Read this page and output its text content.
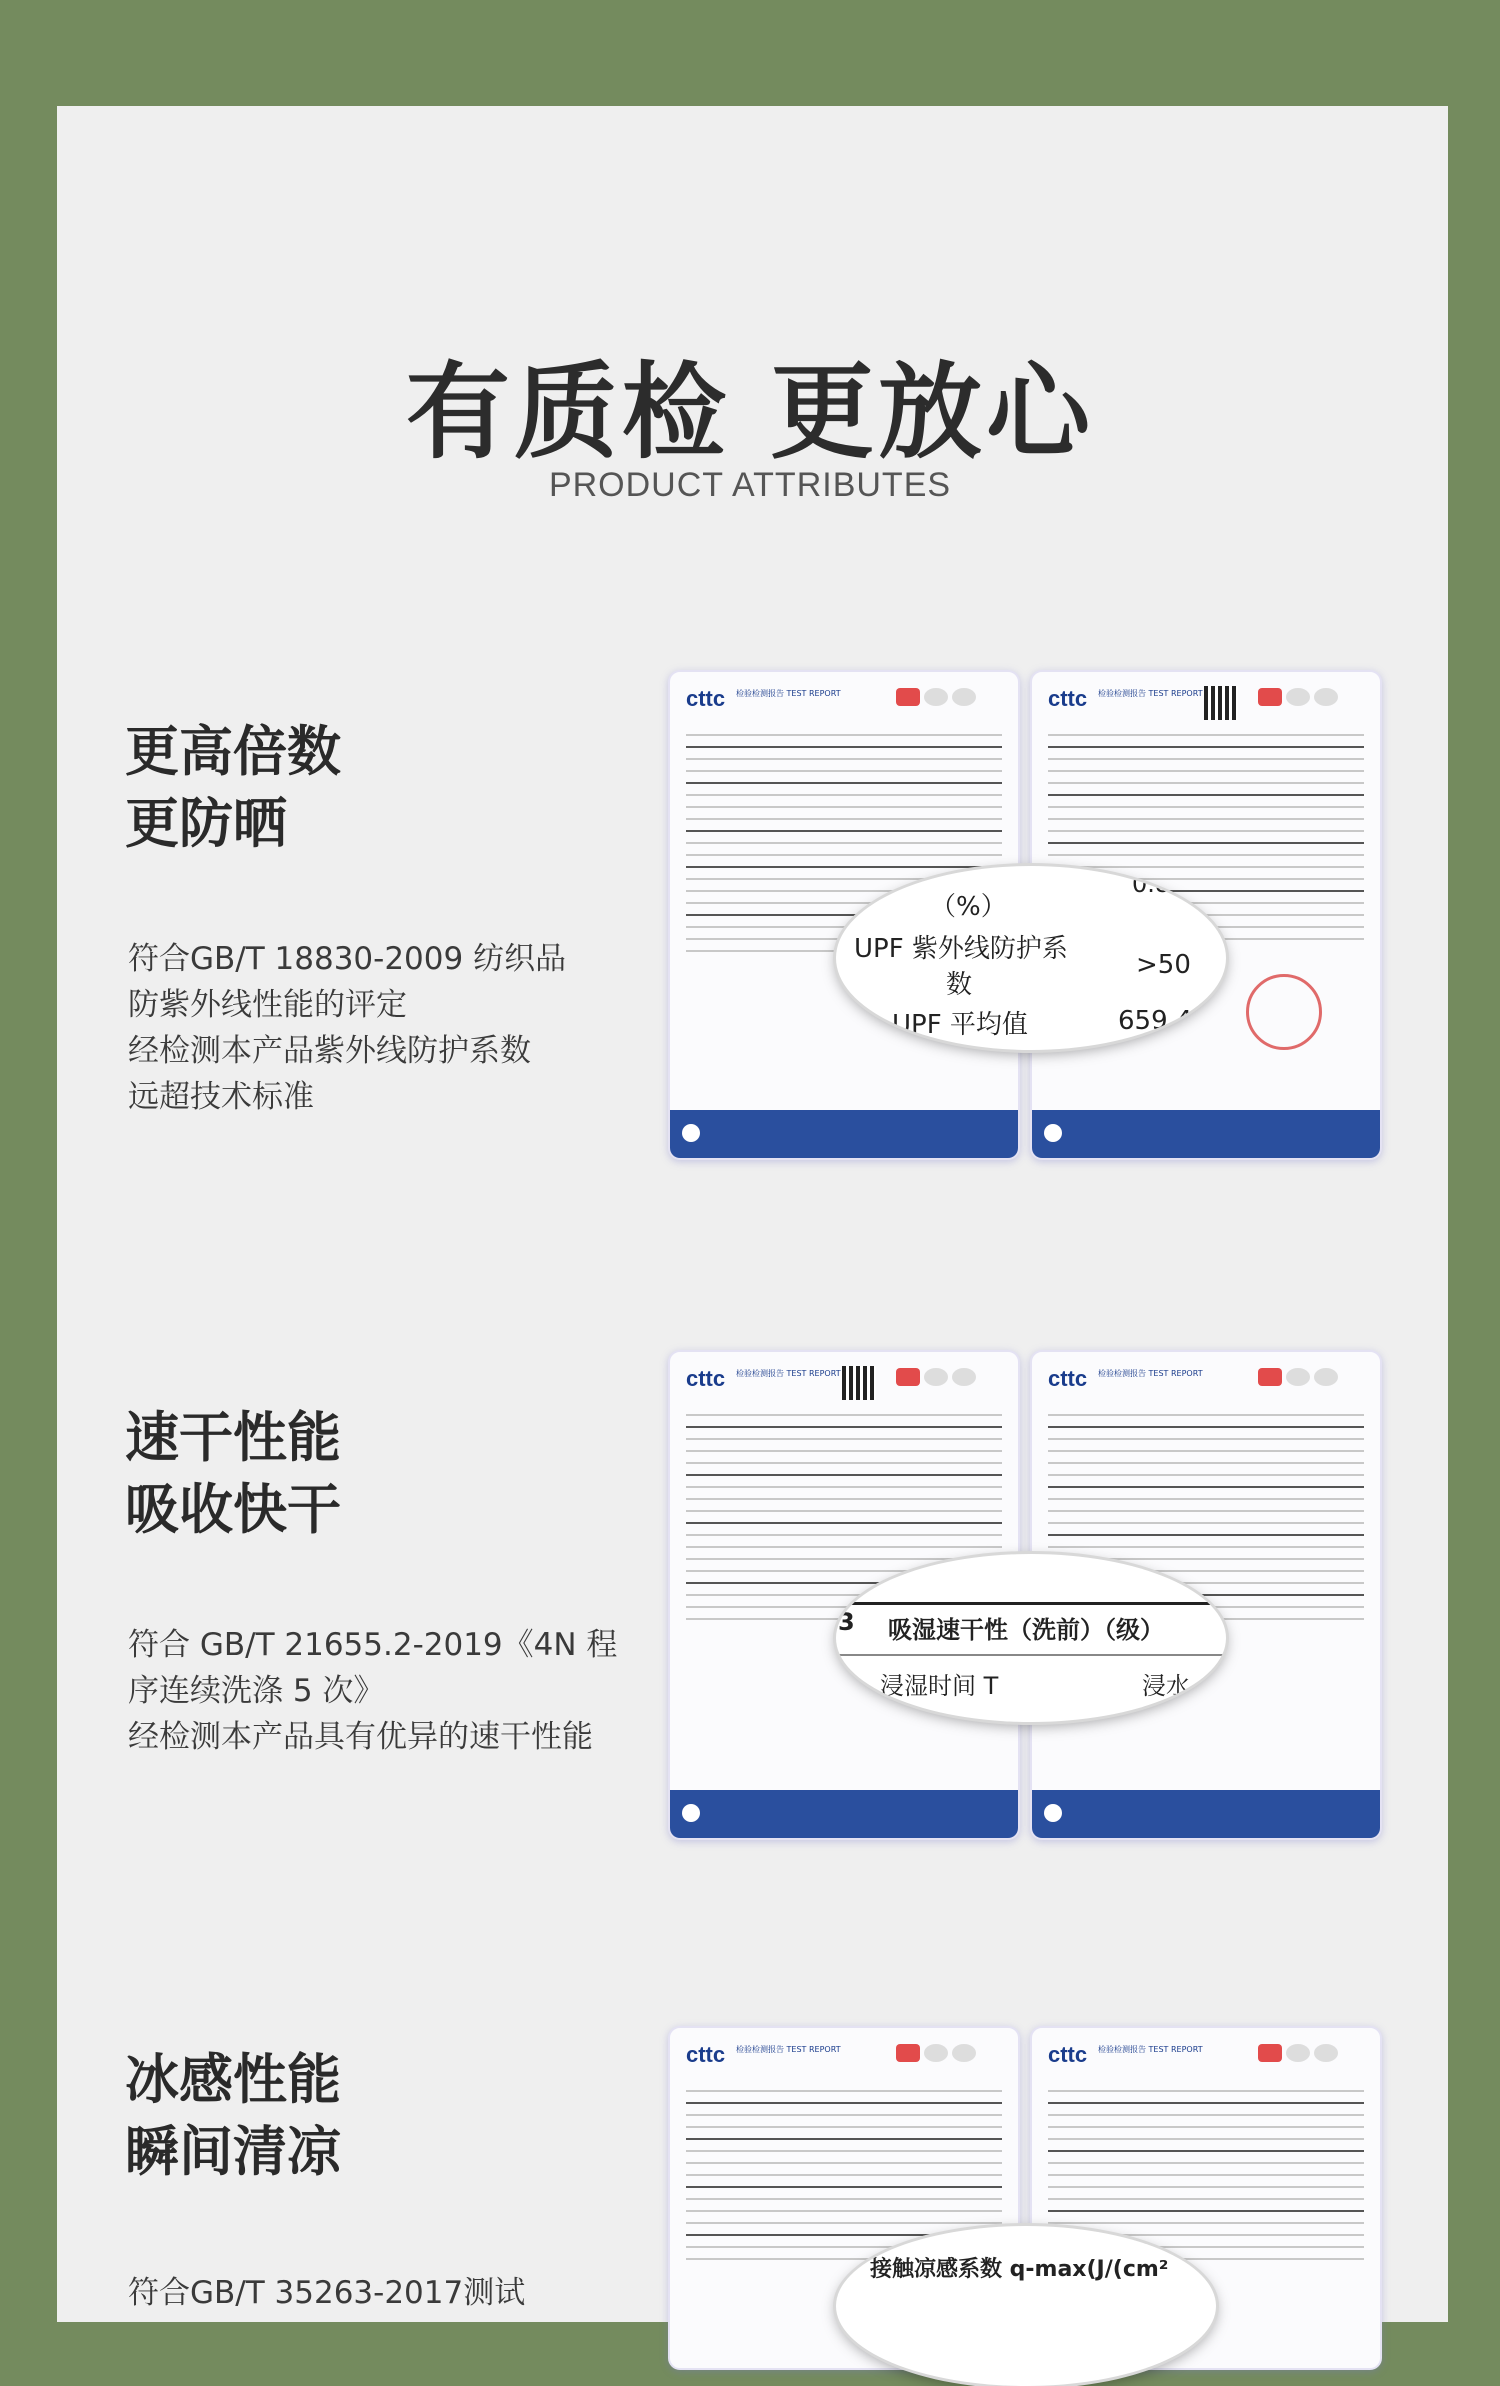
有质检 更放心
PRODUCT ATTRIBUTES
更高倍数
更防晒
符合GB/T 18830-2009 纺织品
防紫外线性能的评定
经检测本产品紫外线防护系数
远超技术标准
cttc 检验检测报告 TEST REPORT	cttc 检验检测报告 TEST REPORT
（%）
UPF 紫外线防护系
数
>50
UPF 平均值	659.4
0.88
速干性能
吸收快干
符合 GB/T 21655.2-2019《4N 程
序连续洗涤 5 次》
经检测本产品具有优异的速干性能
cttc 检验检测报告 TEST REPORT	cttc 检验检测报告 TEST REPORT
3 吸湿速干性（洗前）（级）
浸湿时间 T	浸水
冰感性能
瞬间清凉
符合GB/T 35263-2017测试
cttc 检验检测报告 TEST REPORT	cttc 检验检测报告 TEST REPORT
接触凉感系数 q-max(J/(cm²
